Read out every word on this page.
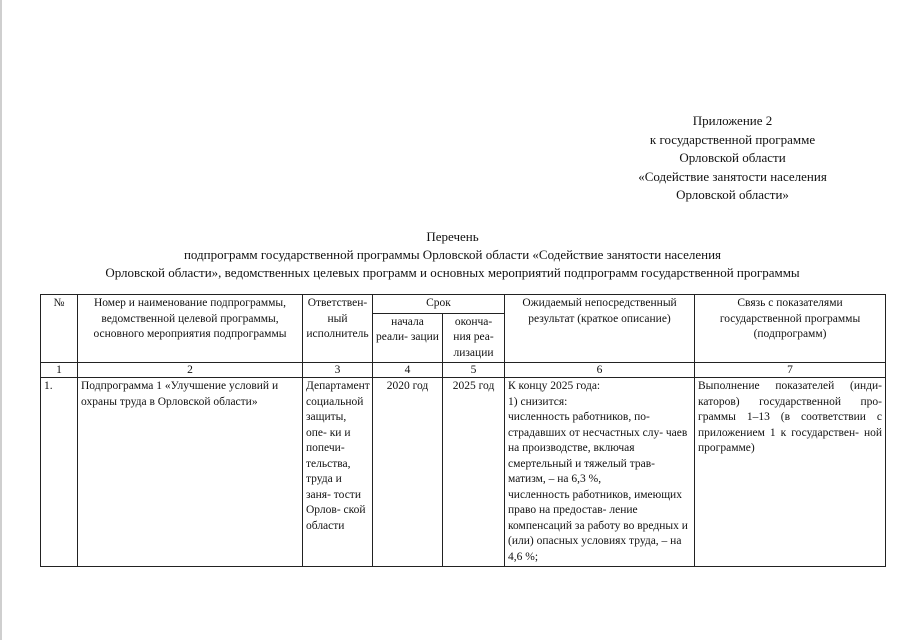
Приложение 2
к государственной программе
Орловской области
«Содействие занятости населения
Орловской области»
Перечень
подпрограмм государственной программы Орловской области «Содействие занятости населения
Орловской области», ведомственных целевых программ и основных мероприятий подпрограмм государственной программы
№	Номер и наименование подпрограммы, ведомственной целевой программы, основного мероприятия подпрограммы	Ответствен- ный исполнитель	Срок		Ожидаемый непосредственный результат (краткое описание)	Связь с показателями государственной программы (подпрограмм)
			начала реали- зации	оконча- ния реа- лизации		
1	2	3	4	5	6	7
1.	Подпрограмма 1 «Улучшение условий и охраны труда в Орловской области»	Департамент социальной защиты, опе- ки и попечи- тельства, труда и заня- тости Орлов- ской области	2020 год	2025 год	К концу 2025 года:
1) снизится:
численность работников, по- страдавших от несчастных слу- чаев на производстве, включая смертельный и тяжелый трав- матизм, – на 6,3 %,
численность работников, имеющих право на предостав- ление компенсаций за работу во вредных и (или) опасных условиях труда, – на 4,6 %;	Выполнение показателей (инди- каторов) государственной про- граммы 1–13 (в соответствии с приложением 1 к государствен- ной программе)
